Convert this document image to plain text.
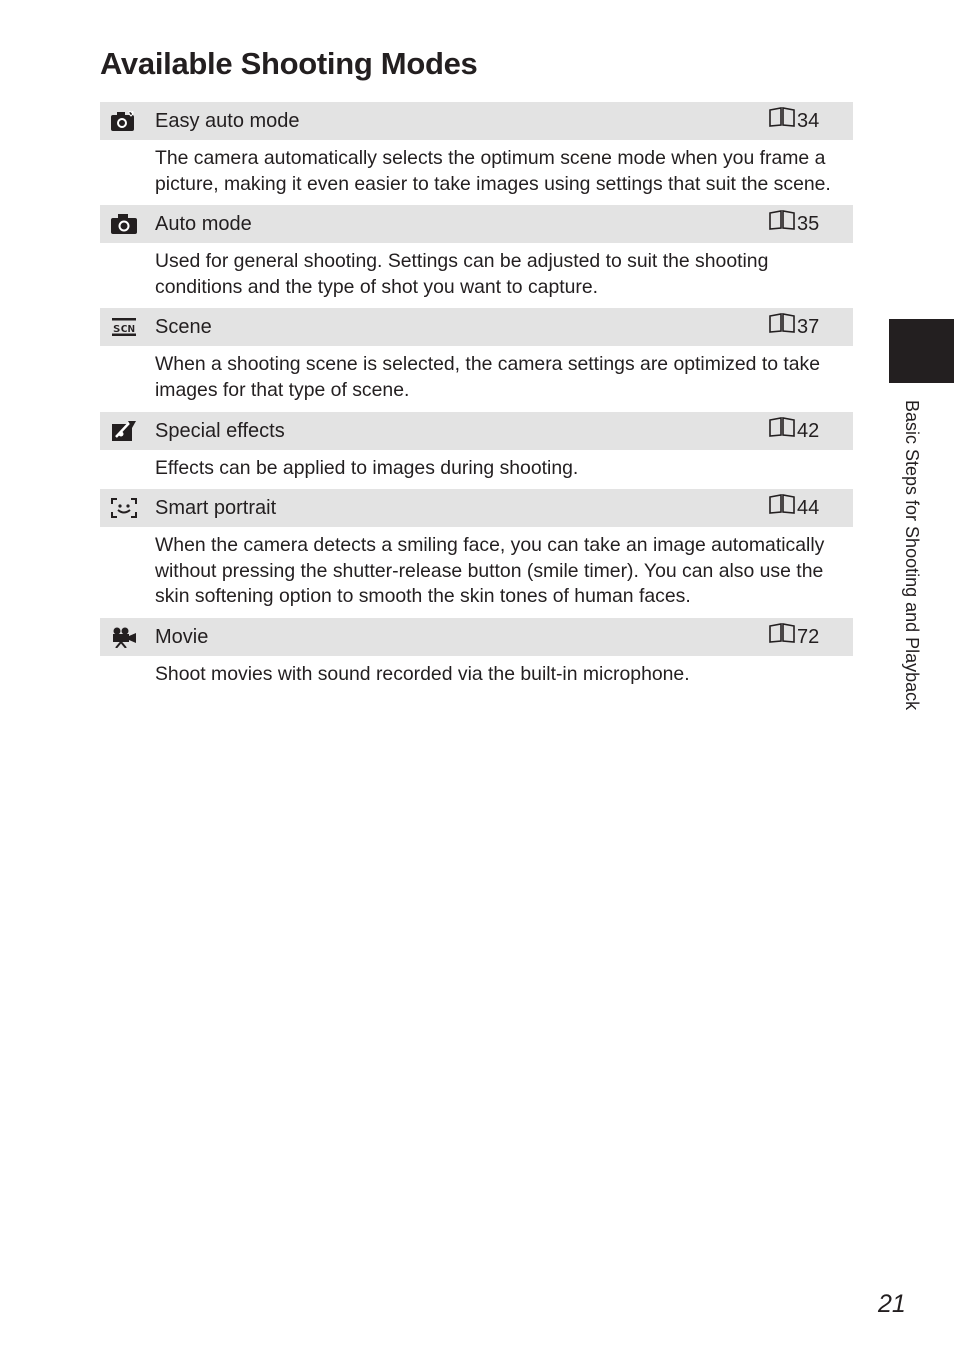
Available Shooting Modes
Easy auto mode	34

The camera automatically selects the optimum scene mode when you frame a picture, making it even easier to take images using settings that suit the scene.

Auto mode	35

Used for general shooting. Settings can be adjusted to suit the shooting conditions and the type of shot you want to capture.

SCN Scene	37

When a shooting scene is selected, the camera settings are optimized to take images for that type of scene.

Special effects	42

Effects can be applied to images during shooting.

Smart portrait	44

When the camera detects a smiling face, you can take an image automatically without pressing the shutter-release button (smile timer). You can also use the skin softening option to smooth the skin tones of human faces.

Movie	72

Shoot movies with sound recorded via the built-in microphone.	Basic Steps for Shooting and Playback
21
